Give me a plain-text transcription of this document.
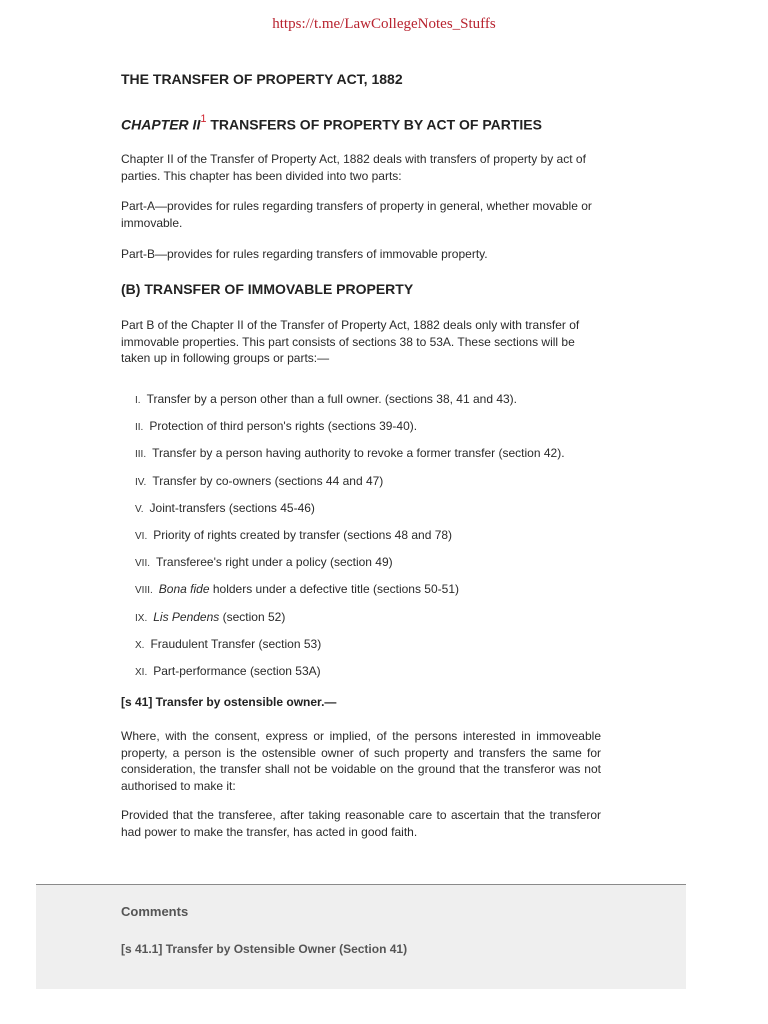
https://t.me/LawCollegeNotes_Stuffs
THE TRANSFER OF PROPERTY ACT, 1882
CHAPTER $II^1$ TRANSFERS OF PROPERTY BY ACT OF PARTIES

Chapter II of the Transfer of Property Act, 1882 deals with transfers of property by act of parties. This chapter has been divided into two parts:

Part-A—provides for rules regarding transfers of property in general, whether movable or immovable.

Part-B—provides for rules regarding transfers of immovable property.

(B) TRANSFER OF IMMOVABLE PROPERTY

Part B of the Chapter II of the Transfer of Property Act, 1882 deals only with transfer of immovable properties. This part consists of sections 38 to 53A. These sections will be taken up in following groups or parts:—

I. Transfer by a person other than a full owner. (sections 38, 41 and 43).
II. Protection of third person's rights (sections 39-40).
III. Transfer by a person having authority to revoke a former transfer (section 42).
IV. Transfer by co-owners (sections 44 and 47)
V. Joint-transfers (sections 45-46)
VI. Priority of rights created by transfer (sections 48 and 78)
VII. Transferee's right under a policy (section 49)
VIII. Bona fide holders under a defective title (sections 50-51)
IX. Lis Pendens (section 52)
X. Fraudulent Transfer (section 53)
XI. Part-performance (section 53A)
[s 41] Transfer by ostensible owner.—

Where, with the consent, express or implied, of the persons interested in immoveable property, a person is the ostensible owner of such property and transfers the same for consideration, the transfer shall not be voidable on the ground that the transferor was not authorised to make it:

Provided that the transferee, after taking reasonable care to ascertain that the transferor had power to make the transfer, has acted in good faith.

Comments
[s 41.1] Transfer by Ostensible Owner (Section 41)
